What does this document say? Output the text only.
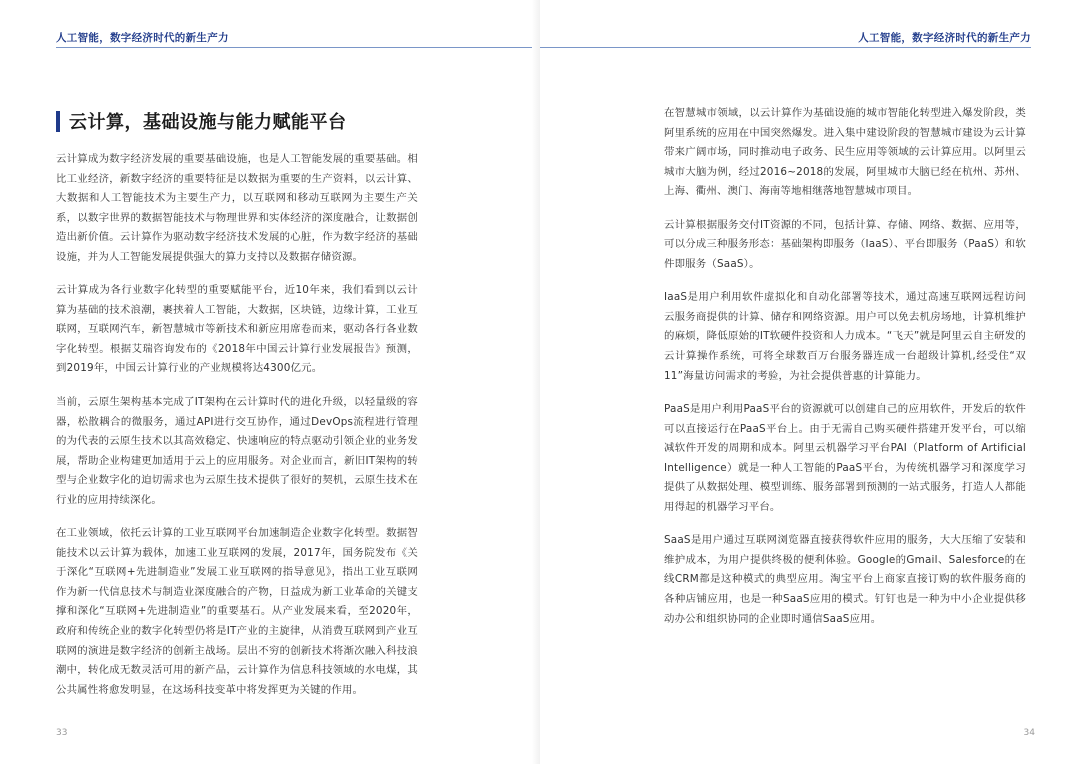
人工智能，数字经济时代的新生产力
云计算，基础设施与能力赋能平台

云计算成为数字经济发展的重要基础设施，也是人工智能发展的重要基础。相比工业经济，新数字经济的重要特征是以数据为重要的生产资料，以云计算、大数据和人工智能技术为主要生产力，以互联网和移动互联网为主要生产关系，以数字世界的数据智能技术与物理世界和实体经济的深度融合，让数据创造出新价值。云计算作为驱动数字经济技术发展的心脏，作为数字经济的基础设施，并为人工智能发展提供强大的算力支持以及数据存储资源。

云计算成为各行业数字化转型的重要赋能平台，近10年来，我们看到以云计算为基础的技术浪潮，裹挟着人工智能，大数据，区块链，边缘计算，工业互联网，互联网汽车，新智慧城市等新技术和新应用席卷而来，驱动各行各业数字化转型。根据艾瑞咨询发布的《2018年中国云计算行业发展报告》预测，到2019年，中国云计算行业的产业规模将达4300亿元。

当前，云原生架构基本完成了IT架构在云计算时代的进化升级，以轻量级的容器，松散耦合的微服务，通过API进行交互协作，通过DevOps流程进行管理的为代表的云原生技术以其高效稳定、快速响应的特点驱动引领企业的业务发展，帮助企业构建更加适用于云上的应用服务。对企业而言，新旧IT架构的转型与企业数字化的迫切需求也为云原生技术提供了很好的契机，云原生技术在行业的应用持续深化。

在工业领域，依托云计算的工业互联网平台加速制造企业数字化转型。数据智能技术以云计算为载体，加速工业互联网的发展，2017年，国务院发布《关于深化“互联网+先进制造业”发展工业互联网的指导意见》，指出工业互联网作为新一代信息技术与制造业深度融合的产物，日益成为新工业革命的关键支撑和深化“互联网+先进制造业”的重要基石。从产业发展来看，至2020年，政府和传统企业的数字化转型仍将是IT产业的主旋律，从消费互联网到产业互联网的演进是数字经济的创新主战场。层出不穷的创新技术将渐次融入科技浪潮中，转化成无数灵活可用的新产品，云计算作为信息科技领域的水电煤，其公共属性将愈发明显，在这场科技变革中将发挥更为关键的作用。

33
人工智能，数字经济时代的新生产力

在智慧城市领域，以云计算作为基础设施的城市智能化转型进入爆发阶段，类阿里系统的应用在中国突然爆发。进入集中建设阶段的智慧城市建设为云计算带来广阔市场，同时推动电子政务、民生应用等领域的云计算应用。以阿里云城市大脑为例，经过2016~2018的发展，阿里城市大脑已经在杭州、苏州、上海、衢州、澳门、海南等地相继落地智慧城市项目。

云计算根据服务交付IT资源的不同，包括计算、存储、网络、数据、应用等，可以分成三种服务形态：基础架构即服务（IaaS）、平台即服务（PaaS）和软件即服务（SaaS）。

IaaS是用户利用软件虚拟化和自动化部署等技术，通过高速互联网远程访问云服务商提供的计算、储存和网络资源。用户可以免去机房场地，计算机维护的麻烦，降低原始的IT软硬件投资和人力成本。“飞天”就是阿里云自主研发的云计算操作系统，可将全球数百万台服务器连成一台超级计算机,经受住“双11”海量访问需求的考验，为社会提供普惠的计算能力。

PaaS是用户利用PaaS平台的资源就可以创建自己的应用软件，开发后的软件可以直接运行在PaaS平台上。由于无需自己购买硬件搭建开发平台，可以缩减软件开发的周期和成本。阿里云机器学习平台PAI（Platform of Artificial Intelligence）就是一种人工智能的PaaS平台，为传统机器学习和深度学习提供了从数据处理、模型训练、服务部署到预测的一站式服务，打造人人都能用得起的机器学习平台。

SaaS是用户通过互联网浏览器直接获得软件应用的服务，大大压缩了安装和维护成本，为用户提供终极的便利体验。Google的Gmail、Salesforce的在线CRM都是这种模式的典型应用。淘宝平台上商家直接订购的软件服务商的各种店铺应用，也是一种SaaS应用的模式。钉钉也是一种为中小企业提供移动办公和组织协同的企业即时通信SaaS应用。

34
